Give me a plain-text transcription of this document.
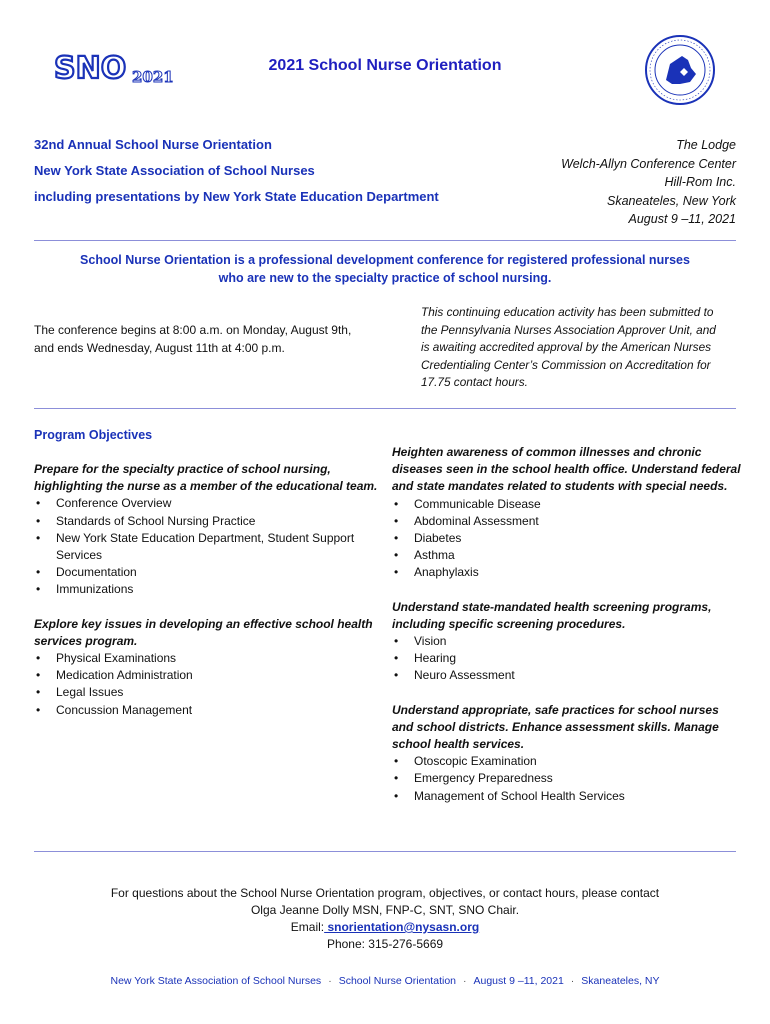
SNO 2021
2021 School Nurse Orientation
32nd Annual School Nurse Orientation
New York State Association of School Nurses
including presentations by New York State Education Department
The Lodge
Welch-Allyn Conference Center
Hill-Rom Inc.
Skaneateles, New York
August 9 –11, 2021
School Nurse Orientation is a professional development conference for registered professional nurses
who are new to the specialty practice of school nursing.
The conference begins at 8:00 a.m. on Monday, August 9th,
and ends Wednesday, August 11th at 4:00 p.m.
This continuing education activity has been submitted to
the Pennsylvania Nurses Association Approver Unit, and
is awaiting accredited approval by the American Nurses
Credentialing Center’s Commission on Accreditation for
17.75 contact hours.
Program Objectives
Prepare for the specialty practice of school nursing, highlighting the nurse as a member of the educational team.
• Conference Overview
• Standards of School Nursing Practice
• New York State Education Department, Student Support Services
• Documentation
• Immunizations
Explore key issues in developing an effective school health services program.
• Physical Examinations
• Medication Administration
• Legal Issues
• Concussion Management
Heighten awareness of common illnesses and chronic diseases seen in the school health office. Understand federal and state mandates related to students with special needs.
• Communicable Disease
• Abdominal Assessment
• Diabetes
• Asthma
• Anaphylaxis
Understand state-mandated health screening programs, including specific screening procedures.
• Vision
• Hearing
• Neuro Assessment
Understand appropriate, safe practices for school nurses and school districts. Enhance assessment skills. Manage school health services.
• Otoscopic Examination
• Emergency Preparedness
• Management of School Health Services
For questions about the School Nurse Orientation program, objectives, or contact hours, please contact
Olga Jeanne Dolly MSN, FNP-C, SNT, SNO Chair.
Email: snorientation@nysasn.org
Phone: 315-276-5669
New York State Association of School Nurses · School Nurse Orientation · August 9 –11, 2021 · Skaneateles, NY
